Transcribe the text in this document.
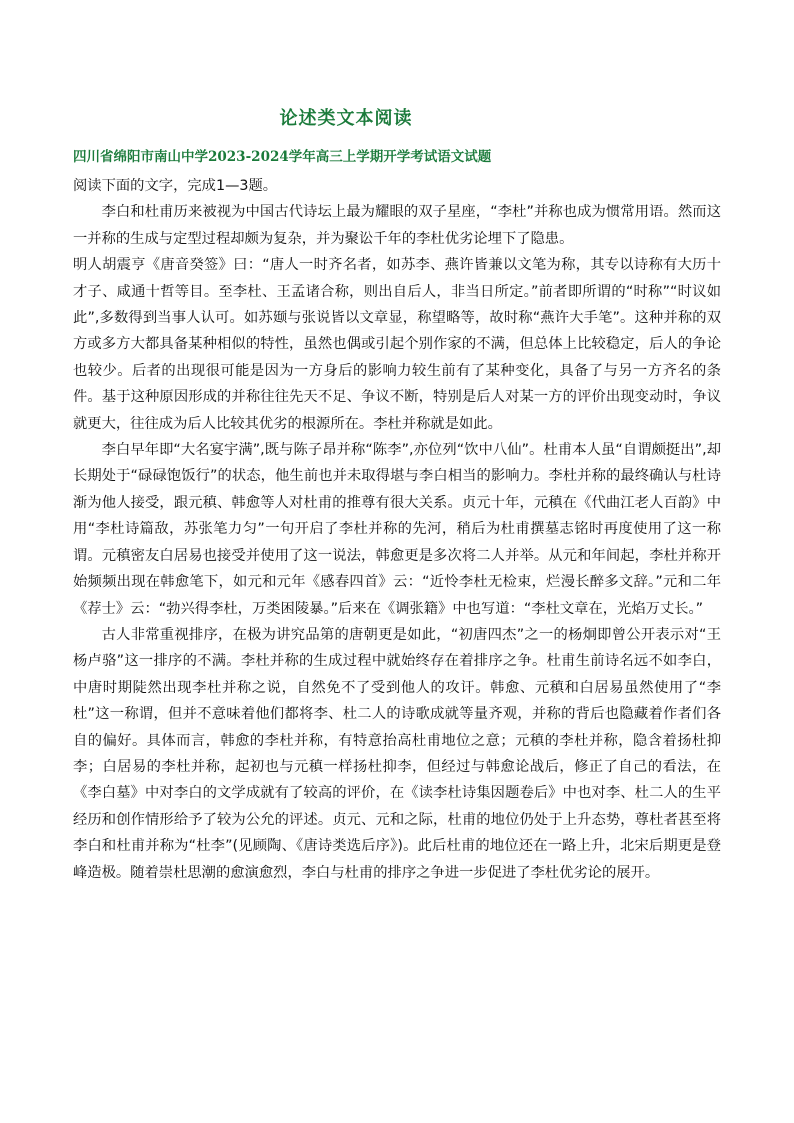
论述类文本阅读
四川省绵阳市南山中学2023-2024学年高三上学期开学考试语文试题

阅读下面的文字，完成1—3题。

李白和杜甫历来被视为中国古代诗坛上最为耀眼的双子星座，“李杜”并称也成为惯常用语。然而这一并称的生成与定型过程却颇为复杂，并为聚讼千年的李杜优劣论埋下了隐患。

明人胡震亨《唐音癸签》曰：“唐人一时齐名者，如苏李、燕许皆兼以文笔为称，其专以诗称有大历十才子、咸通十哲等目。至李杜、王孟诸合称，则出自后人，非当日所定。”前者即所谓的“时称”“时议如此”,多数得到当事人认可。如苏颋与张说皆以文章显，称望略等，故时称“燕许大手笔”。这种并称的双方或多方大都具备某种相似的特性，虽然也偶或引起个别作家的不满，但总体上比较稳定，后人的争论也较少。后者的出现很可能是因为一方身后的影响力较生前有了某种变化，具备了与另一方齐名的条件。基于这种原因形成的并称往往先天不足、争议不断，特别是后人对某一方的评价出现变动时，争议就更大，往往成为后人比较其优劣的根源所在。李杜并称就是如此。

李白早年即“大名宴宇满”,既与陈子昂并称“陈李”,亦位列“饮中八仙”。杜甫本人虽“自谓颇挺出”,却长期处于“碌碌饱饭行”的状态，他生前也并未取得堪与李白相当的影响力。李杜并称的最终确认与杜诗渐为他人接受，跟元稹、韩愈等人对杜甫的推尊有很大关系。贞元十年，元稹在《代曲江老人百韵》中用“李杜诗篇敌，苏张笔力匀”一句开启了李杜并称的先河，稍后为杜甫撰墓志铭时再度使用了这一称谓。元稹密友白居易也接受并使用了这一说法，韩愈更是多次将二人并举。从元和年间起，李杜并称开始频频出现在韩愈笔下，如元和元年《感春四首》云：“近怜李杜无检束，烂漫长醉多文辞。”元和二年《荐士》云：“勃兴得李杜，万类困陵暴。”后来在《调张籍》中也写道：“李杜文章在，光焰万丈长。”

古人非常重视排序，在极为讲究品第的唐朝更是如此，“初唐四杰”之一的杨炯即曾公开表示对“王杨卢骆”这一排序的不满。李杜并称的生成过程中就始终存在着排序之争。杜甫生前诗名远不如李白，中唐时期陡然出现李杜并称之说，自然免不了受到他人的攻讦。韩愈、元稹和白居易虽然使用了“李杜”这一称谓，但并不意味着他们都将李、杜二人的诗歌成就等量齐观，并称的背后也隐藏着作者们各自的偏好。具体而言，韩愈的李杜并称，有特意抬高杜甫地位之意；元稹的李杜并称，隐含着扬杜抑李；白居易的李杜并称，起初也与元稹一样扬杜抑李，但经过与韩愈论战后，修正了自己的看法，在《李白墓》中对李白的文学成就有了较高的评价，在《读李杜诗集因题卷后》中也对李、杜二人的生平经历和创作情形给予了较为公允的评述。贞元、元和之际，杜甫的地位仍处于上升态势，尊杜者甚至将李白和杜甫并称为“杜李”(见顾陶、《唐诗类选后序》)。此后杜甫的地位还在一路上升，北宋后期更是登峰造极。随着崇杜思潮的愈演愈烈，李白与杜甫的排序之争进一步促进了李杜优劣论的展开。
